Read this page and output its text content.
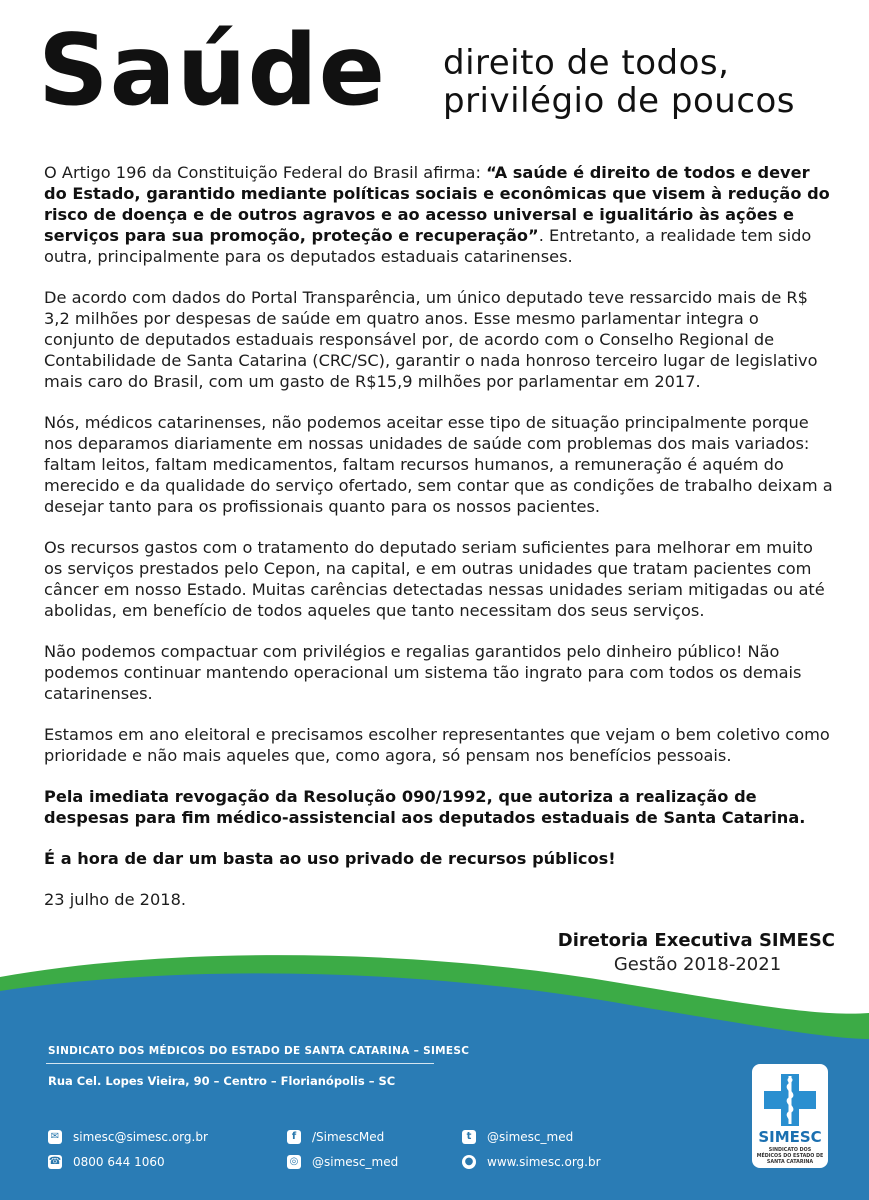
Saúde direito de todos,
privilégio de poucos

O Artigo 196 da Constituição Federal do Brasil afirma: “A saúde é direito de todos e dever do Estado, garantido mediante políticas sociais e econômicas que visem à redução do risco de doença e de outros agravos e ao acesso universal e igualitário às ações e serviços para sua promoção, proteção e recuperação”. Entretanto, a realidade tem sido outra, principalmente para os deputados estaduais catarinenses.

De acordo com dados do Portal Transparência, um único deputado teve ressarcido mais de R$ 3,2 milhões por despesas de saúde em quatro anos. Esse mesmo parlamentar integra o conjunto de deputados estaduais responsável por, de acordo com o Conselho Regional de Contabilidade de Santa Catarina (CRC/SC), garantir o nada honroso terceiro lugar de legislativo mais caro do Brasil, com um gasto de R$15,9 milhões por parlamentar em 2017.

Nós, médicos catarinenses, não podemos aceitar esse tipo de situação principalmente porque nos deparamos diariamente em nossas unidades de saúde com problemas dos mais variados: faltam leitos, faltam medicamentos, faltam recursos humanos, a remuneração é aquém do merecido e da qualidade do serviço ofertado, sem contar que as condições de trabalho deixam a desejar tanto para os profissionais quanto para os nossos pacientes.

Os recursos gastos com o tratamento do deputado seriam suficientes para melhorar em muito os serviços prestados pelo Cepon, na capital, e em outras unidades que tratam pacientes com câncer em nosso Estado. Muitas carências detectadas nessas unidades seriam mitigadas ou até abolidas, em benefício de todos aqueles que tanto necessitam dos seus serviços.

Não podemos compactuar com privilégios e regalias garantidos pelo dinheiro público! Não podemos continuar mantendo operacional um sistema tão ingrato para com todos os demais catarinenses.

Estamos em ano eleitoral e precisamos escolher representantes que vejam o bem coletivo como prioridade e não mais aqueles que, como agora, só pensam nos benefícios pessoais.

Pela imediata revogação da Resolução 090/1992, que autoriza a realização de despesas para fim médico-assistencial aos deputados estaduais de Santa Catarina.

É a hora de dar um basta ao uso privado de recursos públicos!

23 julho de 2018.

Diretoria Executiva SIMESC
Gestão 2018-2021
SINDICATO DOS MÉDICOS DO ESTADO DE SANTA CATARINA – SIMESC
Rua Cel. Lopes Vieira, 90 – Centro – Florianópolis – SC
✉ simesc@simesc.org.br
☎ 0800 644 1060
f	/SimescMed
◎ @simesc_med
t	@simesc_med
● www.simesc.org.br
SIMESC
SINDICATO DOS MÉDICOS DO ESTADO DE SANTA CATARINA
